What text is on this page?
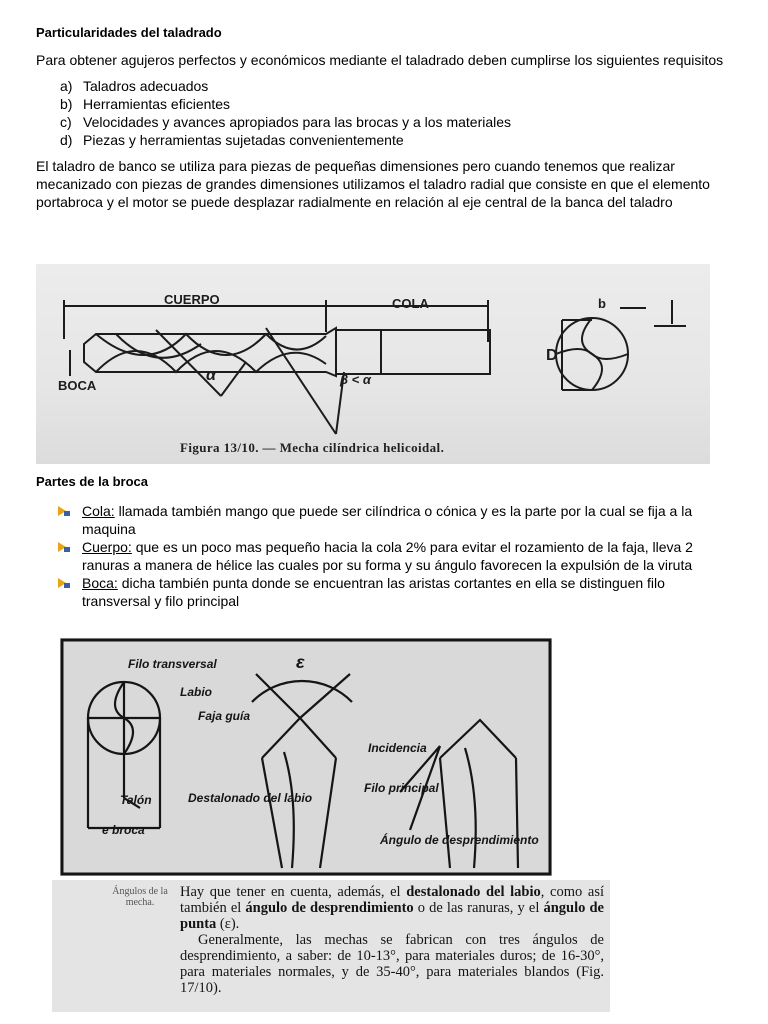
Particularidades del taladrado

Para obtener agujeros perfectos y económicos mediante el taladrado deben cumplirse los siguientes requisitos

a) Taladros adecuados
b) Herramientas eficientes
c) Velocidades y avances apropiados para las brocas y a los materiales
d) Piezas y herramientas sujetadas convenientemente

El taladro de banco se utiliza para piezas de pequeñas dimensiones pero cuando tenemos que realizar mecanizado con piezas de grandes dimensiones utilizamos el taladro radial que consiste en que el elemento portabroca y el motor se puede desplazar radialmente en relación al eje central de la banca del taladro

CUERPO	COLA
BOCA
α	β < α
b
D
Figura 13/10. — Mecha cilíndrica helicoidal.
Partes de la broca
Cola: llamada también mango que puede ser cilíndrica o cónica y es la parte por la cual se fija a la maquina
Cuerpo: que es un poco mas pequeño hacia la cola 2% para evitar el rozamiento de la faja, lleva 2 ranuras a manera de hélice las cuales por su forma y su ángulo favorecen la expulsión de la viruta
Boca: dicha también punta donde se encuentran las aristas cortantes en ella se distinguen filo transversal y filo principal
Filo transversal
Labio
Faja guía
Talón
e broca
ε
Destalonado del labio
Incidencia
Filo principal
Ángulo de desprendimiento
Ángulos de la mecha.
Hay que tener en cuenta, además, el destalonado del labio, como así también el ángulo de desprendimiento o de las ranuras, y el ángulo de punta (ε).
Generalmente, las mechas se fabrican con tres ángulos de desprendimiento, a saber: de 10-13°, para materiales duros; de 16-30°, para materiales normales, y de 35-40°, para materiales blandos (Fig. 17/10).
